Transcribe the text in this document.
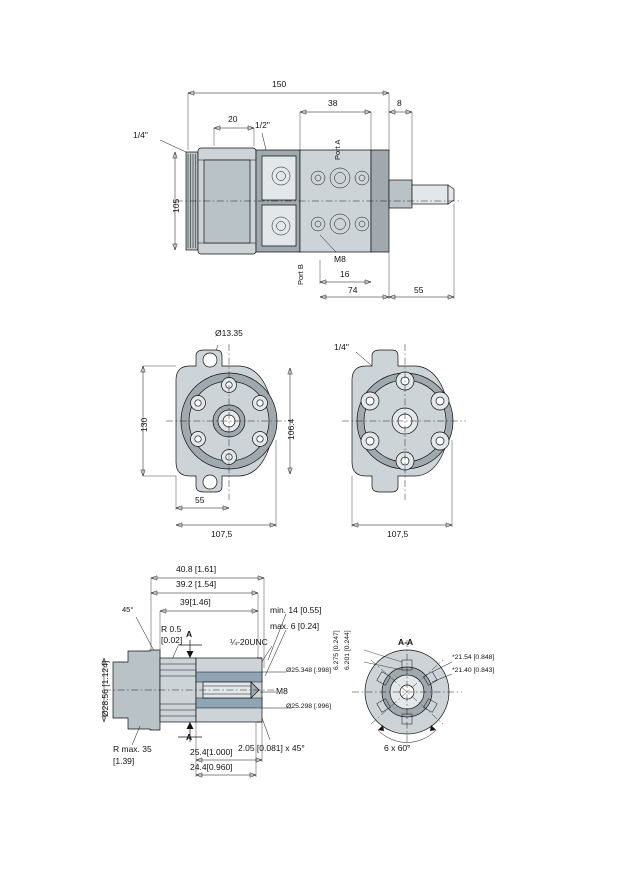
150
38	8
20
1/2"
1/4"
Port A
Port B
105
M8
16
74	55
Ø13.35
130	106.4
55
107,5
1/4"
107,5
40.8 [1.61]
39.2 [1.54]
39[1.46]
min. 14 [0.55]
max. 6 [0.24]
45°
R 0.5
[0.02]	¼-20UNC
Ø28.56 [1.124]	Ø25.348 [.998]
Ø25.298 [.996]
M8
2.05 [0.081] x 45°
R max. 35
[1.39]
25.4[1.000]
24.4[0.960]
A
A
A-A
6.275 [0.247] 6.201 [0.244]	*21.54 [0.848]
*21.40 [0.843]
6 x 60°
